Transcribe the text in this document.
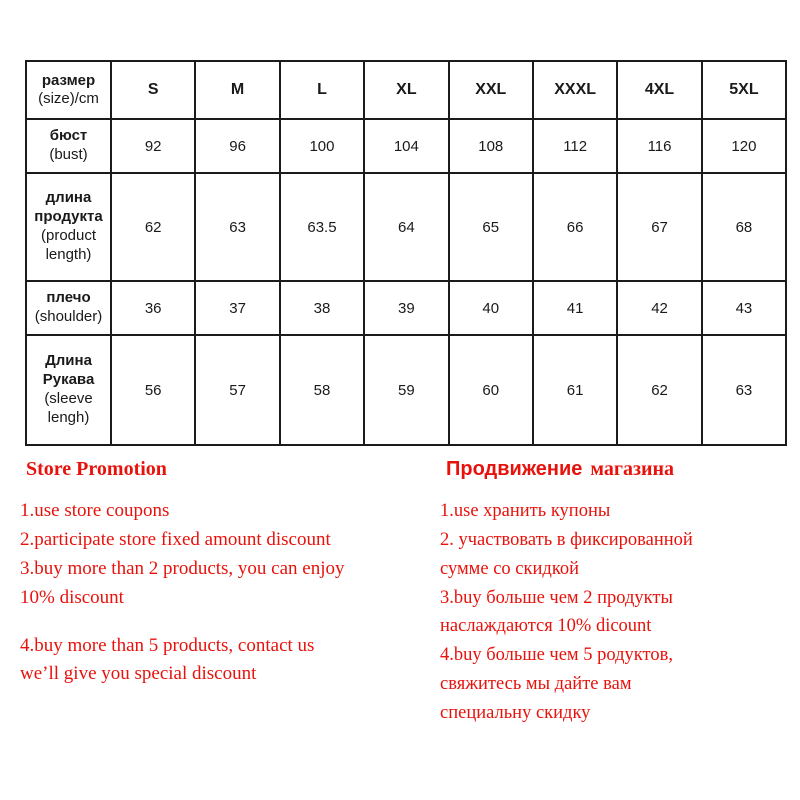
размер
(size)/cm	S	M	L	XL	XXL	XXXL	4XL	5XL

бюст
(bust)	92	96	100	104	108	112	116	120

длина
продукта
(product
length)	62	63	63.5	64	65	66	67	68

плечо
(shoulder)	36	37	38	39	40	41	42	43

Длина
Рукава
(sleeve
lengh)	56	57	58	59	60	61	62	63
Store Promotion
1.use store coupons
2.participate store fixed amount discount
3.buy more than 2 products, you can enjoy
10% discount
4.buy more than 5 products, contact us
we’ll give you special discount
Продвижение магазина
1.use хранить купоны
2. участвовать в фиксированной
сумме со скидкой
3.buy больше чем 2 продукты
наслаждаются 10% dicount
4.buy больше чем 5 родуктов,
свяжитесь мы дайте вам
специальну скидку
